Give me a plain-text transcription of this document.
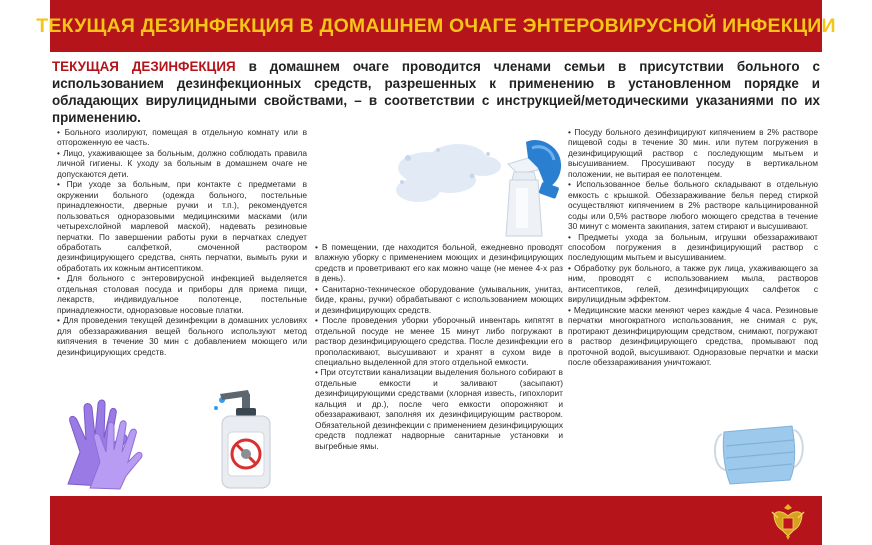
ТЕКУЩАЯ ДЕЗИНФЕКЦИЯ В ДОМАШНЕМ ОЧАГЕ ЭНТЕРОВИРУСНОЙ ИНФЕКЦИИ
ТЕКУЩАЯ ДЕЗИНФЕКЦИЯ в домашнем очаге проводится членами семьи в присутствии больного с использованием дезинфекционных средств, разрешенных к применению в установленном порядке и обладающих вирулицидными свойствами, – в соответствии с инструкцией/методическими указаниями по их применению.

• Больного изолируют, помещая в отдельную комнату или в отгороженную ее часть.

• Лицо, ухаживающее за больным, должно соблюдать правила личной гигиены. К уходу за больным в домашнем очаге не допускаются дети.

• При уходе за больным, при контакте с предметами в окружении больного (одежда больного, постельные принадлежности, дверные ручки и т.п.), рекомендуется пользоваться одноразовыми медицинскими масками (или четырехслойной марлевой маской), надевать резиновые перчатки. По завершении работы руки в перчатках следует обработать салфеткой, смоченной раствором дезинфицирующего средства, снять перчатки, вымыть руки и обработать их кожным антисептиком.

• Для больного с энтеровирусной инфекцией выделяется отдельная столовая посуда и приборы для приема пищи, лекарств, индивидуальное полотенце, постельные принадлежности, одноразовые носовые платки.

• Для проведения текущей дезинфекции в домашних условиях для обеззараживания вещей больного используют метод кипячения в течение 30 мин с добавлением моющего или дезинфицирующих средств.

• В помещении, где находится больной, ежедневно проводят влажную уборку с применением моющих и дезинфицирующих средств и проветривают его как можно чаще (не менее 4-х раз в день).

• Санитарно-техническое оборудование (умывальник, унитаз, биде, краны, ручки) обрабатывают с использованием моющих и дезинфицирующих средств.

• После проведения уборки уборочный инвентарь кипятят в отдельной посуде не менее 15 минут либо погружают в раствор дезинфицирующего средства. После дезинфекции его прополаскивают, высушивают и хранят в сухом виде в специально выделенной для этого отдельной емкости.

• При отсутствии канализации выделения больного собирают в отдельные емкости и заливают (засыпают) дезинфицирующими средствами (хлорная известь, гипохлорит кальция и др.), после чего емкости опорожняют и обеззараживают, заполняя их дезинфицирующим раствором. Обязательной дезинфекции с применением дезинфицирующих средств подлежат надворные санитарные установки и выгребные ямы.

• Посуду больного дезинфицируют кипячением в 2% растворе пищевой соды в течение 30 мин. или путем погружения в дезинфицирующий раствор с последующим мытьем и высушиванием. Просушивают посуду в вертикальном положении, не вытирая ее полотенцем.

• Использованное белье больного складывают в отдельную емкость с крышкой. Обеззараживание белья перед стиркой осуществляют кипячением в 2% растворе кальцинированной соды или 0,5% растворе любого моющего средства в течение 30 минут с момента закипания, затем стирают и высушивают.

• Предметы ухода за больным, игрушки обеззараживают способом погружения в дезинфицирующий раствор с последующим мытьем и высушиванием.

• Обработку рук больного, а также рук лица, ухаживающего за ним, проводят с использованием мыла, растворов антисептиков, гелей, дезинфицирующих салфеток с вирулицидным эффектом.

• Медицинские маски меняют через каждые 4 часа. Резиновые перчатки многократного использования, не снимая с рук, протирают дезинфицирующим средством, снимают, погружают в раствор дезинфицирующего средства, промывают под проточной водой, высушивают. Одноразовые перчатки и маски после обеззараживания уничтожают.
